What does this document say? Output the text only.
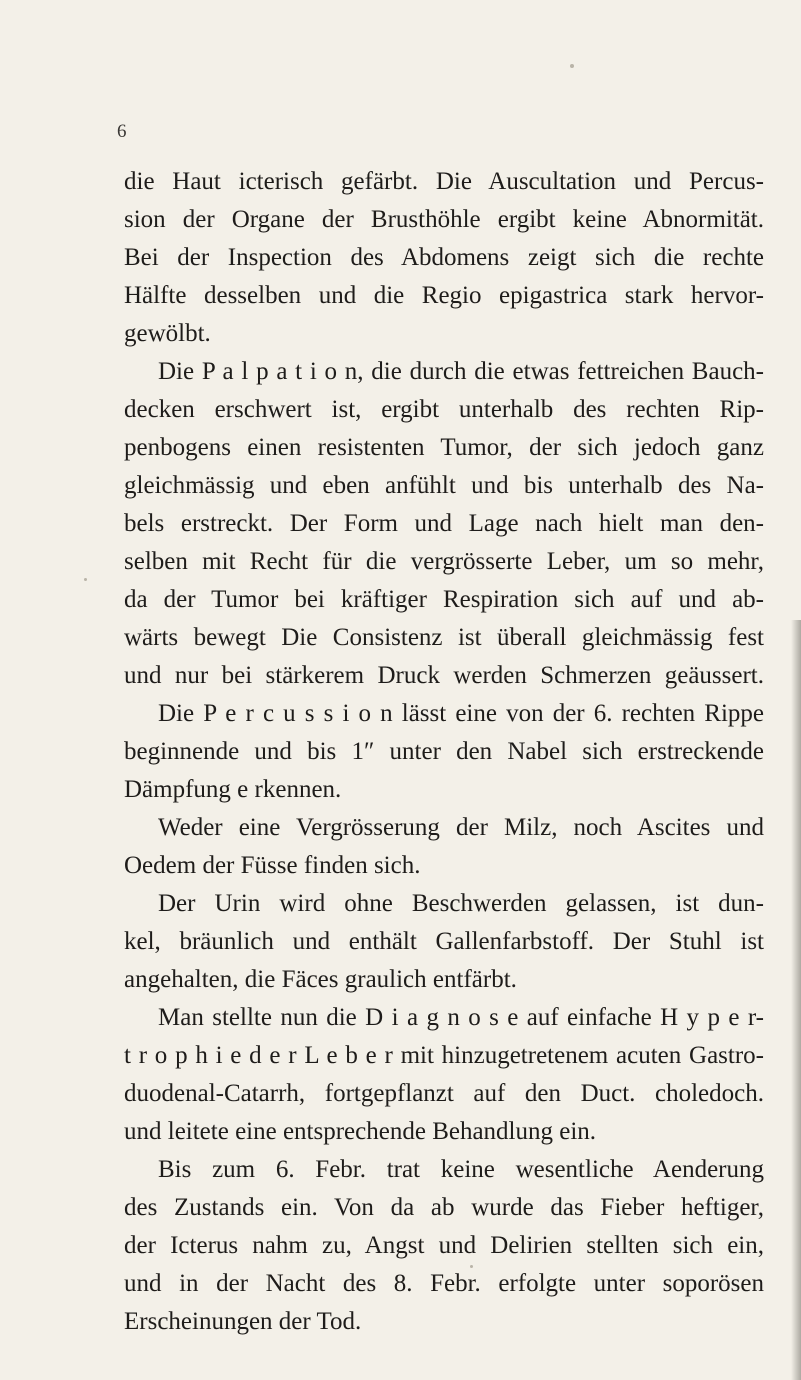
6
die Haut icterisch gefärbt. Die Auscultation und Percus-
sion der Organe der Brusthöhle ergibt keine Abnormität.
Bei der Inspection des Abdomens zeigt sich die rechte
Hälfte desselben und die Regio epigastrica stark hervor-
gewölbt.
Die P a l p a t i o n, die durch die etwas fettreichen Bauch-
decken erschwert ist, ergibt unterhalb des rechten Rip-
penbogens einen resistenten Tumor, der sich jedoch ganz
gleichmässig und eben anfühlt und bis unterhalb des Na-
bels erstreckt. Der Form und Lage nach hielt man den-
selben mit Recht für die vergrösserte Leber, um so mehr,
da der Tumor bei kräftiger Respiration sich auf und ab-
wärts bewegt Die Consistenz ist überall gleichmässig fest
und nur bei stärkerem Druck werden Schmerzen geäussert.
Die P e r c u s s i o n lässt eine von der 6. rechten Rippe
beginnende und bis 1″ unter den Nabel sich erstreckende
Dämpfung e rkennen.
Weder eine Vergrösserung der Milz, noch Ascites und
Oedem der Füsse finden sich.
Der Urin wird ohne Beschwerden gelassen, ist dun-
kel, bräunlich und enthält Gallenfarbstoff. Der Stuhl ist
angehalten, die Fäces graulich entfärbt.
Man stellte nun die D i a g n o s e auf einfache H y p e r-
t r o p h i e d e r L e b e r mit hinzugetretenem acuten Gastro-
duodenal-Catarrh, fortgepflanzt auf den Duct. choledoch.
und leitete eine entsprechende Behandlung ein.
Bis zum 6. Febr. trat keine wesentliche Aenderung
des Zustands ein. Von da ab wurde das Fieber heftiger,
der Icterus nahm zu, Angst und Delirien stellten sich ein,
und in der Nacht des 8. Febr. erfolgte unter soporösen
Erscheinungen der Tod.
